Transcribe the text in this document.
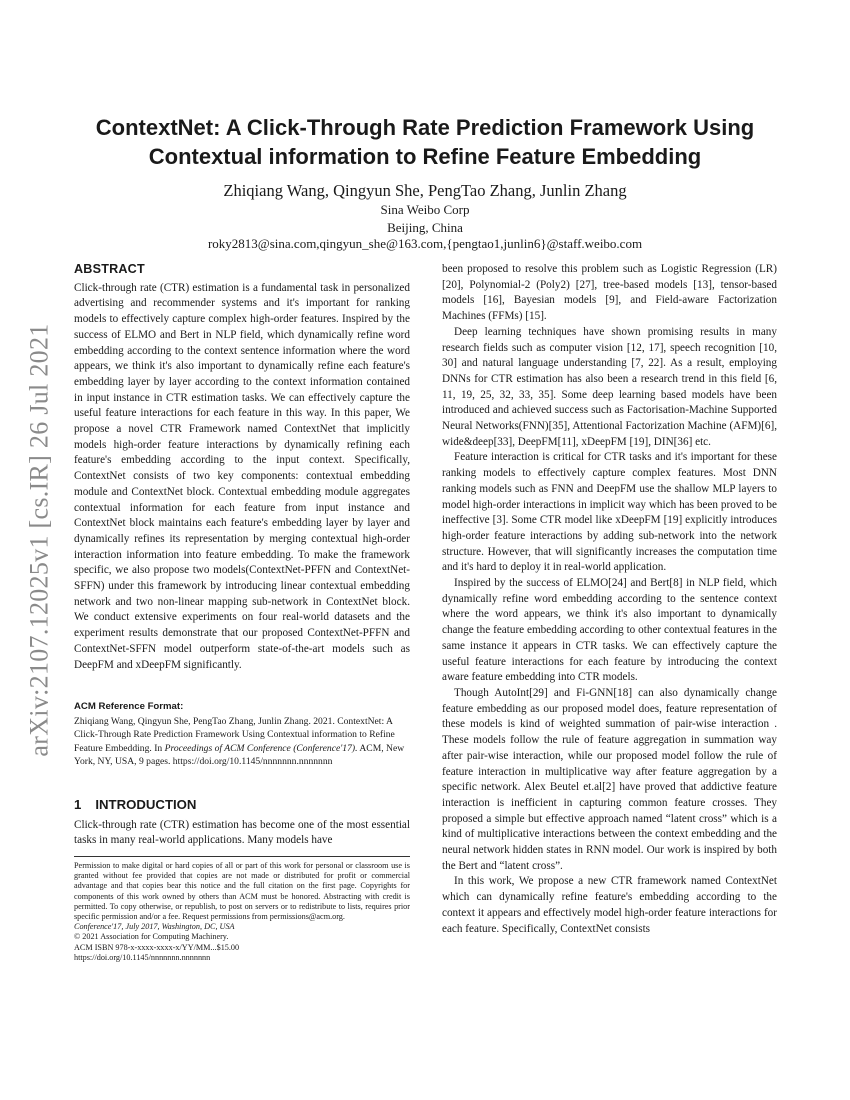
arXiv:2107.12025v1 [cs.IR] 26 Jul 2021
ContextNet: A Click-Through Rate Prediction Framework Using
Contextual information to Refine Feature Embedding
Zhiqiang Wang, Qingyun She, PengTao Zhang, Junlin Zhang
Sina Weibo Corp
Beijing, China
roky2813@sina.com,qingyun_she@163.com,{pengtao1,junlin6}@staff.weibo.com
ABSTRACT

Click-through rate (CTR) estimation is a fundamental task in personalized advertising and recommender systems and it's important for ranking models to effectively capture complex high-order features. Inspired by the success of ELMO and Bert in NLP field, which dynamically refine word embedding according to the context sentence information where the word appears, we think it's also important to dynamically refine each feature's embedding layer by layer according to the context information contained in input instance in CTR estimation tasks. We can effectively capture the useful feature interactions for each feature in this way. In this paper, We propose a novel CTR Framework named ContextNet that implicitly models high-order feature interactions by dynamically refining each feature's embedding according to the input context. Specifically, ContextNet consists of two key components: contextual embedding module and ContextNet block. Contextual embedding module aggregates contextual information for each feature from input instance and ContextNet block maintains each feature's embedding layer by layer and dynamically refines its representation by merging contextual high-order interaction information into feature embedding. To make the framework specific, we also propose two models(ContextNet-PFFN and ContextNet-SFFN) under this framework by introducing linear contextual embedding network and two non-linear mapping sub-network in ContextNet block. We conduct extensive experiments on four real-world datasets and the experiment results demonstrate that our proposed ContextNet-PFFN and ContextNet-SFFN model outperform state-of-the-art models such as DeepFM and xDeepFM significantly.

ACM Reference Format:

Zhiqiang Wang, Qingyun She, PengTao Zhang, Junlin Zhang. 2021. ContextNet: A Click-Through Rate Prediction Framework Using Contextual information to Refine Feature Embedding. In Proceedings of ACM Conference (Conference'17). ACM, New York, NY, USA, 9 pages. https://doi.org/10.1145/nnnnnnn.nnnnnnn

1 INTRODUCTION

Click-through rate (CTR) estimation has become one of the most essential tasks in many real-world applications. Many models have

Permission to make digital or hard copies of all or part of this work for personal or classroom use is granted without fee provided that copies are not made or distributed for profit or commercial advantage and that copies bear this notice and the full citation on the first page. Copyrights for components of this work owned by others than ACM must be honored. Abstracting with credit is permitted. To copy otherwise, or republish, to post on servers or to redistribute to lists, requires prior specific permission and/or a fee. Request permissions from permissions@acm.org.

Conference'17, July 2017, Washington, DC, USA

© 2021 Association for Computing Machinery.

ACM ISBN 978-x-xxxx-xxxx-x/YY/MM...$15.00

https://doi.org/10.1145/nnnnnnn.nnnnnnn

been proposed to resolve this problem such as Logistic Regression (LR) [20], Polynomial-2 (Poly2) [27], tree-based models [13], tensor-based models [16], Bayesian models [9], and Field-aware Factorization Machines (FFMs) [15].

Deep learning techniques have shown promising results in many research fields such as computer vision [12, 17], speech recognition [10, 30] and natural language understanding [7, 22]. As a result, employing DNNs for CTR estimation has also been a research trend in this field [6, 11, 19, 25, 32, 33, 35]. Some deep learning based models have been introduced and achieved success such as Factorisation-Machine Supported Neural Networks(FNN)[35], Attentional Factorization Machine (AFM)[6], wide&deep[33], DeepFM[11], xDeepFM [19], DIN[36] etc.

Feature interaction is critical for CTR tasks and it's important for these ranking models to effectively capture complex features. Most DNN ranking models such as FNN and DeepFM use the shallow MLP layers to model high-order interactions in implicit way which has been proved to be ineffective [3]. Some CTR model like xDeepFM [19] explicitly introduces high-order feature interactions by adding sub-network into the network structure. However, that will significantly increases the computation time and it's hard to deploy it in real-world application.

Inspired by the success of ELMO[24] and Bert[8] in NLP field, which dynamically refine word embedding according to the sentence context where the word appears, we think it's also important to dynamically change the feature embedding according to other contextual features in the same instance it appears in CTR tasks. We can effectively capture the useful feature interactions for each feature by introducing the context aware feature embedding into CTR models.

Though AutoInt[29] and Fi-GNN[18] can also dynamically change feature embedding as our proposed model does, feature representation of these models is kind of weighted summation of pair-wise interaction . These models follow the rule of feature aggregation in summation way after pair-wise interaction, while our proposed model follow the rule of feature interaction in multiplicative way after feature aggregation by a specific network. Alex Beutel et.al[2] have proved that addictive feature interaction is inefficient in capturing common feature crosses. They proposed a simple but effective approach named “latent cross” which is a kind of multiplicative interactions between the context embedding and the neural network hidden states in RNN model. Our work is inspired by both the Bert and “latent cross”.

In this work, We propose a new CTR framework named ContextNet which can dynamically refine feature's embedding according to the context it appears and effectively model high-order feature interactions for each feature. Specifically, ContextNet consists
